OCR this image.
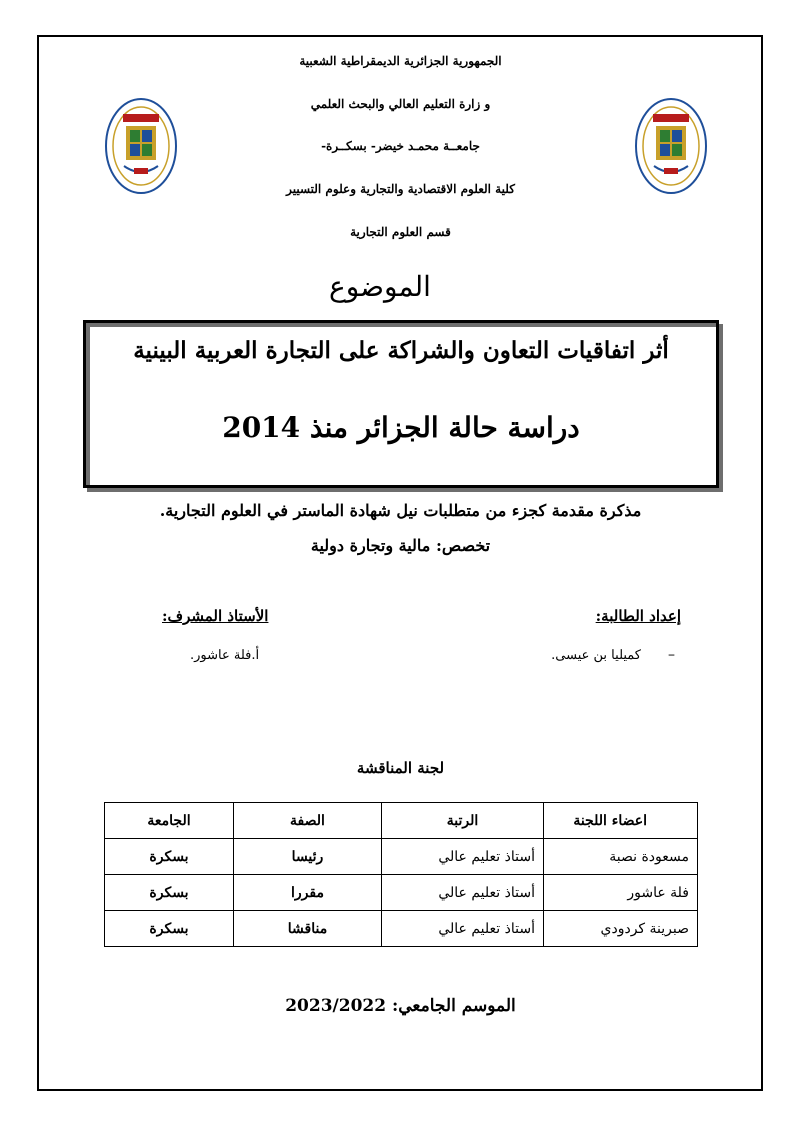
الجمهورية الجزائرية الديمقراطية الشعبية
و زارة التعليم العالي والبحث العلمي
جامعــة محمـد خيضر- بسكــرة-
كلية العلوم الاقتصادية والتجارية وعلوم التسيير
قسم العلوم التجارية
الموضوع
أثر اتفاقيات التعاون والشراكة على التجارة العربية البينية
دراسة حالة الجزائر منذ 2014
مذكرة مقدمة كجزء من متطلبات نيل شهادة الماستر في العلوم التجارية.
تخصص: مالية وتجارة دولية
إعداد الطالبة:
الأستاذ المشرف:
–
كميليا بن عيسى.
أ.فلة عاشور.
لجنة المناقشة
اعضاء اللجنة	الرتبة	الصفة	الجامعة
مسعودة نصبة	أستاذ تعليم عالي	رئيسا	بسكرة
فلة عاشور	أستاذ تعليم عالي	مقررا	بسكرة
صبرينة كردودي	أستاذ تعليم عالي	مناقشا	بسكرة
الموسم الجامعي: 2023/2022
